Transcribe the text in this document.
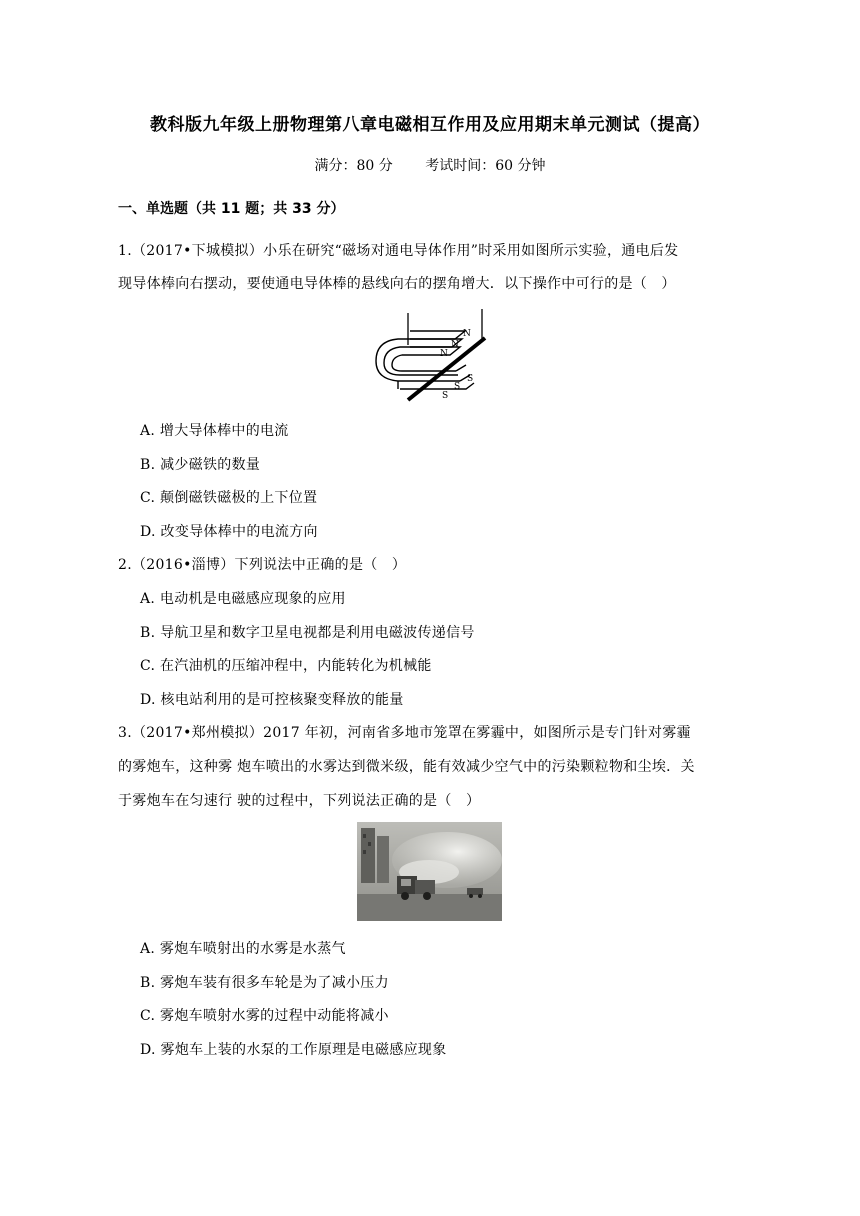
教科版九年级上册物理第八章电磁相互作用及应用期末单元测试（提高）
满分：80 分 考试时间：60 分钟
一、单选题（共 11 题；共 33 分）
1.（2017•下城模拟）小乐在研究“磁场对通电导体作用”时采用如图所示实验，通电后发
现导体棒向右摆动，要使通电导体棒的悬线向右的摆角增大．以下操作中可行的是（　）
N
N
N
S
S
S
A. 增大导体棒中的电流
B. 减少磁铁的数量
C. 颠倒磁铁磁极的上下位置
D. 改变导体棒中的电流方向
2.（2016•淄博）下列说法中正确的是（　）
A. 电动机是电磁感应现象的应用
B. 导航卫星和数字卫星电视都是利用电磁波传递信号
C. 在汽油机的压缩冲程中，内能转化为机械能
D. 核电站利用的是可控核聚变释放的能量
3.（2017•郑州模拟）2017 年初，河南省多地市笼罩在雾霾中，如图所示是专门针对雾霾
的雾炮车，这种雾 炮车喷出的水雾达到微米级，能有效减少空气中的污染颗粒物和尘埃．关
于雾炮车在匀速行 驶的过程中，下列说法正确的是（　）
A. 雾炮车喷射出的水雾是水蒸气
B. 雾炮车装有很多车轮是为了减小压力
C. 雾炮车喷射水雾的过程中动能将减小
D. 雾炮车上装的水泵的工作原理是电磁感应现象
